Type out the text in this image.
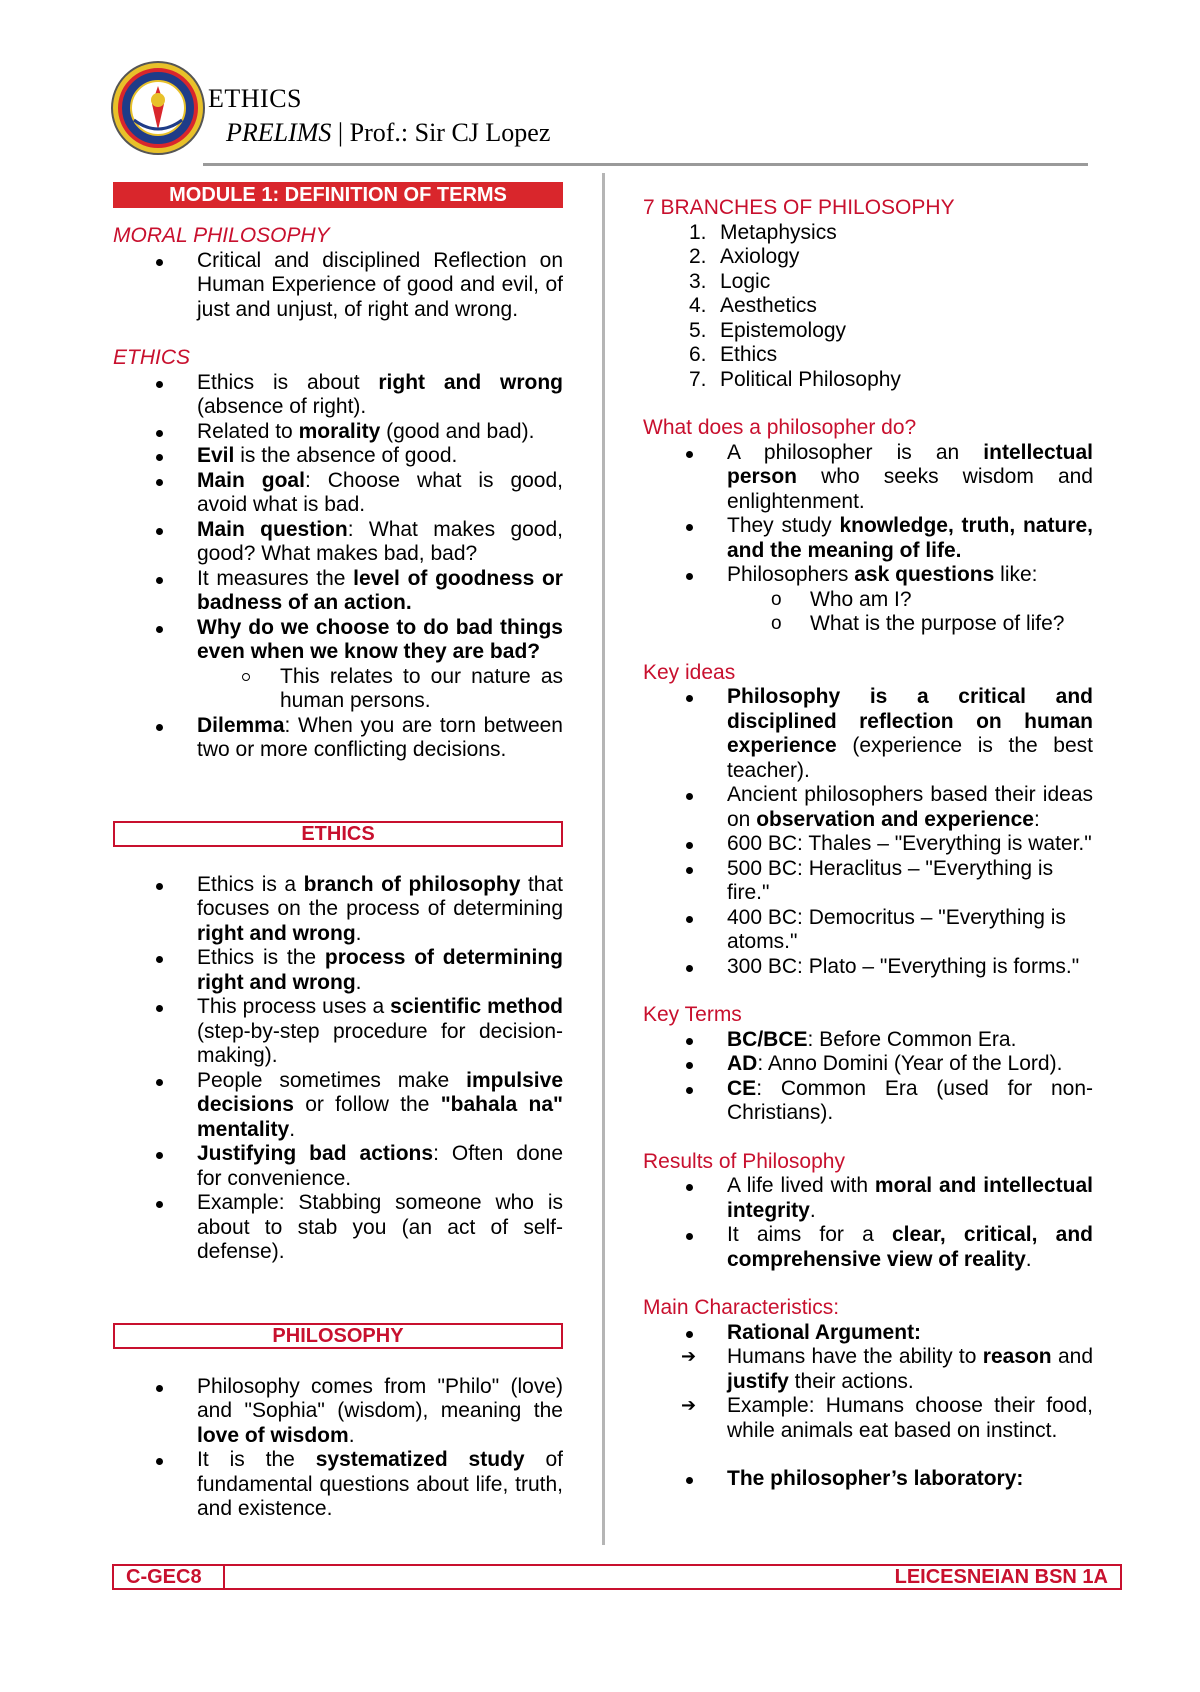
ETHICS
PRELIMS | Prof.: Sir CJ Lopez
MODULE 1: DEFINITION OF TERMS
MORAL PHILOSOPHY
Critical and disciplined Reflection on Human Experience of good and evil, of just and unjust, of right and wrong.
ETHICS
Ethics is about right and wrong (absence of right).
Related to morality (good and bad).
Evil is the absence of good.
Main goal: Choose what is good, avoid what is bad.
Main question: What makes good, good? What makes bad, bad?
It measures the level of goodness or badness of an action.
Why do we choose to do bad things even when we know they are bad?
This relates to our nature as human persons.
Dilemma: When you are torn between two or more conflicting decisions.
ETHICS
Ethics is a branch of philosophy that focuses on the process of determining right and wrong.
Ethics is the process of determining right and wrong.
This process uses a scientific method (step-by-step procedure for decision-making).
People sometimes make impulsive decisions or follow the "bahala na" mentality.
Justifying bad actions: Often done for convenience.
Example: Stabbing someone who is about to stab you (an act of self-defense).
PHILOSOPHY
Philosophy comes from "Philo" (love) and "Sophia" (wisdom), meaning the love of wisdom.
It is the systematized study of fundamental questions about life, truth, and existence.
7 BRANCHES OF PHILOSOPHY
1. Metaphysics
2. Axiology
3. Logic
4. Aesthetics
5. Epistemology
6. Ethics
7. Political Philosophy
What does a philosopher do?
A philosopher is an intellectual person who seeks wisdom and enlightenment.
They study knowledge, truth, nature, and the meaning of life.
Philosophers ask questions like:
o Who am I?
o What is the purpose of life?
Key ideas
Philosophy is a critical and disciplined reflection on human experience (experience is the best teacher).
Ancient philosophers based their ideas on observation and experience:
600 BC: Thales – "Everything is water."
500 BC: Heraclitus – "Everything is fire."
400 BC: Democritus – "Everything is atoms."
300 BC: Plato – "Everything is forms."
Key Terms
BC/BCE: Before Common Era.
AD: Anno Domini (Year of the Lord).
CE: Common Era (used for non-Christians).
Results of Philosophy
A life lived with moral and intellectual integrity.
It aims for a clear, critical, and comprehensive view of reality.
Main Characteristics:
Rational Argument:
➔ Humans have the ability to reason and justify their actions.
➔ Example: Humans choose their food, while animals eat based on instinct.
The philosopher’s laboratory:
C-GEC8	LEICESNEIAN BSN 1A
